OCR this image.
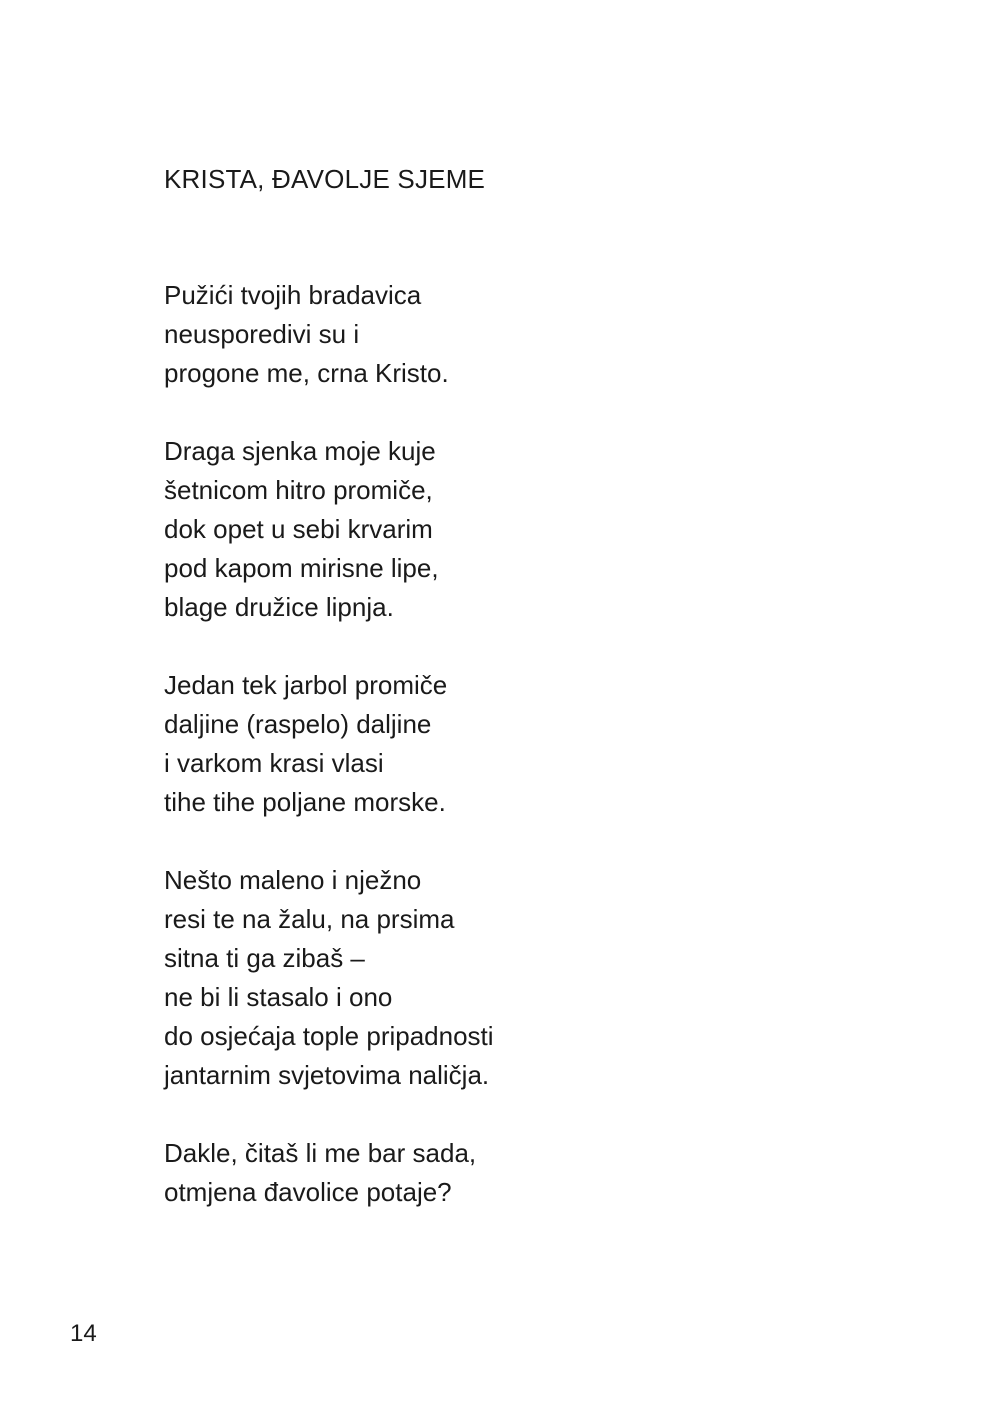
KRISTA, ĐAVOLJE SJEME
Pužići tvojih bradavica
neusporedivi su i
progone me, crna Kristo.
Draga sjenka moje kuje
šetnicom hitro promiče,
dok opet u sebi krvarim
pod kapom mirisne lipe,
blage družice lipnja.
Jedan tek jarbol promiče
daljine (raspelo) daljine
i varkom krasi vlasi
tihe tihe poljane morske.
Nešto maleno i nježno
resi te na žalu, na prsima
sitna ti ga zibaš –
ne bi li stasalo i ono
do osjećaja tople pripadnosti
jantarnim svjetovima naličja.
Dakle, čitaš li me bar sada,
otmjena đavolice potaje?
14
